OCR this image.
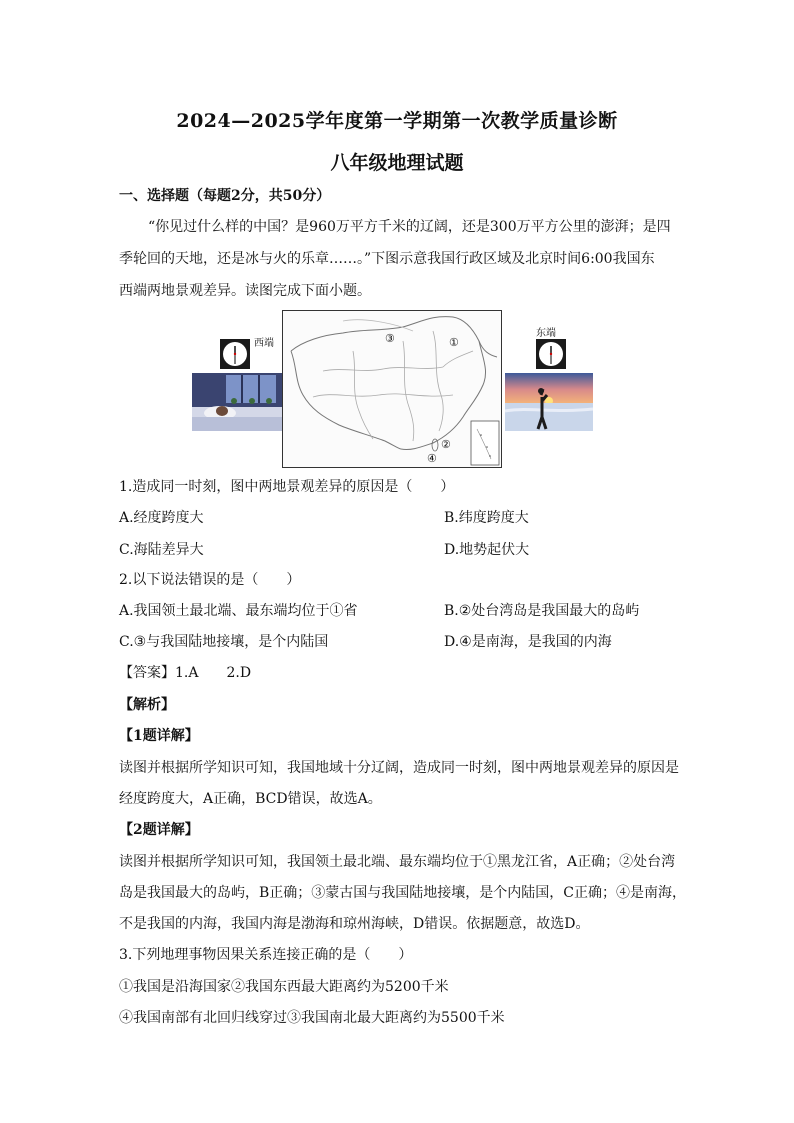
2024—2025学年度第一学期第一次教学质量诊断
八年级地理试题
一、选择题（每题2分，共50分）
“你见过什么样的中国？是960万平方千米的辽阔，还是300万平方公里的澎湃；是四
季轮回的天地，还是冰与火的乐章……。”下图示意我国行政区域及北京时间6:00我国东
西端两地景观差异。读图完成下面小题。
西端	③	①
②
④
东端
1.造成同一时刻，图中两地景观差异的原因是（　　）
A.经度跨度大	B.纬度跨度大
C.海陆差异大	D.地势起伏大
2.以下说法错误的是（　　）
A.我国领土最北端、最东端均位于①省	B.②处台湾岛是我国最大的岛屿
C.③与我国陆地接壤，是个内陆国	D.④是南海，是我国的内海
【答案】1.A　　2.D
【解析】
【1题详解】
读图并根据所学知识可知，我国地域十分辽阔，造成同一时刻，图中两地景观差异的原因是
经度跨度大，A正确，BCD错误，故选A。
【2题详解】
读图并根据所学知识可知，我国领土最北端、最东端均位于①黑龙江省，A正确；②处台湾
岛是我国最大的岛屿，B正确；③蒙古国与我国陆地接壤，是个内陆国，C正确；④是南海，
不是我国的内海，我国内海是渤海和琼州海峡，D错误。依据题意，故选D。
3.下列地理事物因果关系连接正确的是（　　）
①我国是沿海国家②我国东西最大距离约为5200千米
④我国南部有北回归线穿过③我国南北最大距离约为5500千米
